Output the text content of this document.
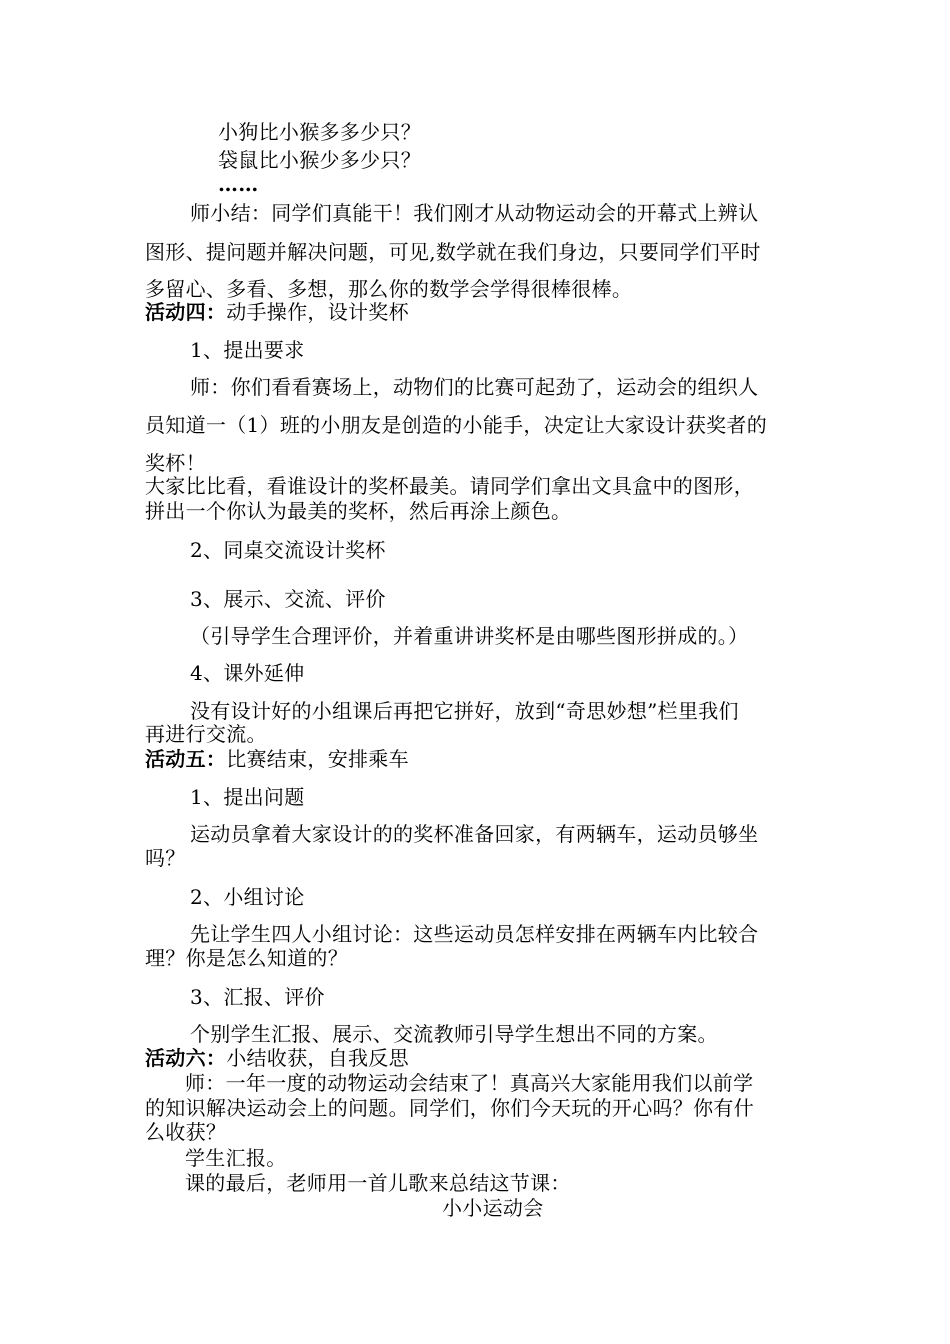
小狗比小猴多多少只？
袋鼠比小猴少多少只？
……
师小结：同学们真能干！我们刚才从动物运动会的开幕式上辨认
图形、提问题并解决问题，可见,数学就在我们身边，只要同学们平时
多留心、多看、多想，那么你的数学会学得很棒很棒。
活动四：动手操作，设计奖杯
1、提出要求
师：你们看看赛场上，动物们的比赛可起劲了，运动会的组织人
员知道一（1）班的小朋友是创造的小能手，决定让大家设计获奖者的
奖杯！
大家比比看，看谁设计的奖杯最美。请同学们拿出文具盒中的图形，
拼出一个你认为最美的奖杯，然后再涂上颜色。
2、同桌交流设计奖杯
3、展示、交流、评价
（引导学生合理评价，并着重讲讲奖杯是由哪些图形拼成的。）
4、课外延伸
没有设计好的小组课后再把它拼好，放到“奇思妙想”栏里我们
再进行交流。
活动五：比赛结束，安排乘车
1、提出问题
运动员拿着大家设计的的奖杯准备回家，有两辆车，运动员够坐
吗？
2、小组讨论
先让学生四人小组讨论：这些运动员怎样安排在两辆车内比较合
理？你是怎么知道的？
3、汇报、评价
个别学生汇报、展示、交流教师引导学生想出不同的方案。
活动六：小结收获，自我反思
师：一年一度的动物运动会结束了！真高兴大家能用我们以前学
的知识解决运动会上的问题。同学们，你们今天玩的开心吗？你有什
么收获？
学生汇报。
课的最后，老师用一首儿歌来总结这节课：
小小运动会
